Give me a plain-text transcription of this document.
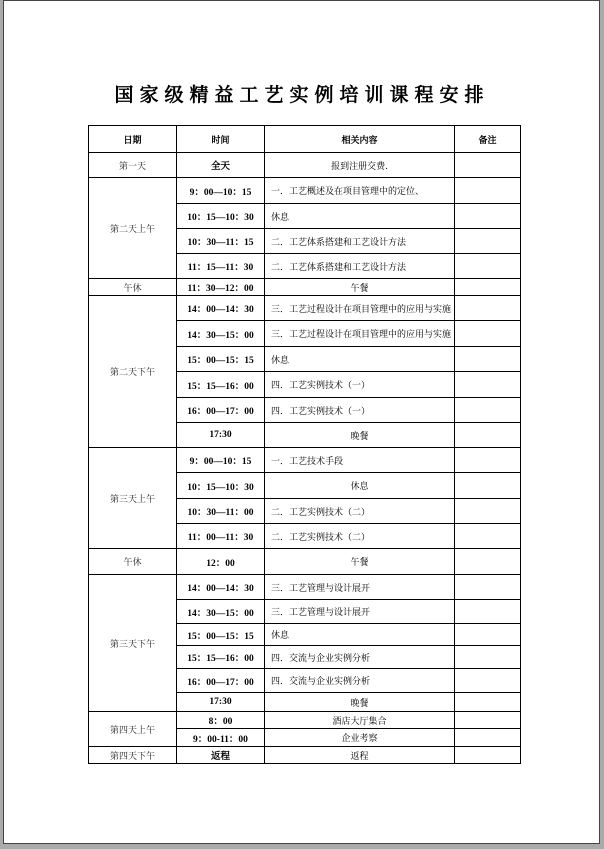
国家级精益工艺实例培训课程安排
日期	时间	相关内容	备注
第一天	全天	报到注册交费.	
第二天上午	9：00—10：15	一．工艺概述及在项目管理中的定位、	
	10：15—10：30	休息	
	10：30—11：15	二．工艺体系搭建和工艺设计方法	
	11：15—11：30	二．工艺体系搭建和工艺设计方法	
午休	11：30—12：00	午餐	
第二天下午	14：00—14：30	三．工艺过程设计在项目管理中的应用与实施	
	14：30—15：00	三．工艺过程设计在项目管理中的应用与实施	
	15：00—15：15	休息	
	15：15—16：00	四．工艺实例技术（一）	
	16：00—17：00	四．工艺实例技术（一）	
	17:30	晚餐	
第三天上午	9：00—10：15	一．工艺技术手段	
	10：15—10：30	休息	
	10：30—11：00	二．工艺实例技术（二）	
	11：00—11：30	二．工艺实例技术（二）	
午休	12：00	午餐	
第三天下午	14：00—14：30	三．工艺管理与设计展开	
	14：30—15：00	三．工艺管理与设计展开	
	15：00—15：15	休息	
	15：15—16：00	四．交流与企业实例分析	
	16：00—17：00	四．交流与企业实例分析	
	17:30	晚餐	
第四天上午	8：00	酒店大厅集合	
	9：00-11：00	企业考察	
第四天下午	返程	返程	
